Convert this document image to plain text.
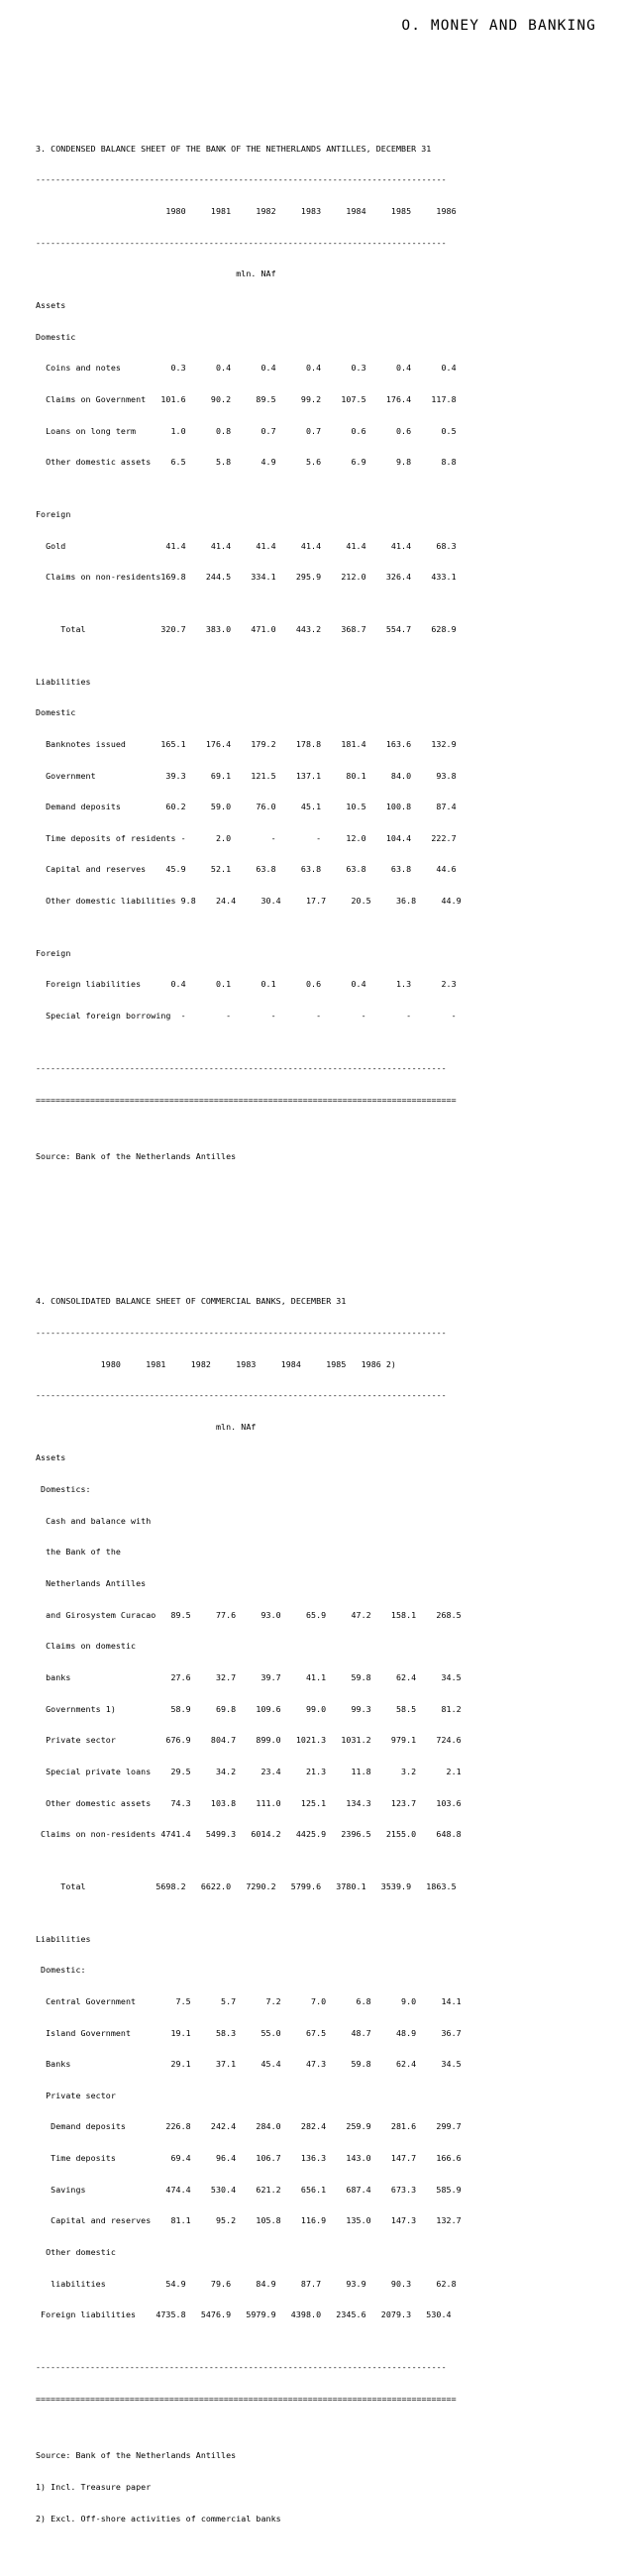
O. MONEY AND BANKING

3. CONDENSED BALANCE SHEET OF THE BANK OF THE NETHERLANDS ANTILLES, DECEMBER 31

-----------------------------------------------------------------------------------

1980     1981     1982     1983     1984     1985     1986

-----------------------------------------------------------------------------------

mln. NAf

Assets

Domestic

Coins and notes          0.3      0.4      0.4      0.4      0.3      0.4      0.4

Claims on Government   101.6     90.2     89.5     99.2    107.5    176.4    117.8

Loans on long term       1.0      0.8      0.7      0.7      0.6      0.6      0.5

Other domestic assets    6.5      5.8      4.9      5.6      6.9      9.8      8.8

Foreign

Gold                    41.4     41.4     41.4     41.4     41.4     41.4     68.3

Claims on non-residents169.8    244.5    334.1    295.9    212.0    326.4    433.1

Total               320.7    383.0    471.0    443.2    368.7    554.7    628.9

Liabilities

Domestic

Banknotes issued       165.1    176.4    179.2    178.8    181.4    163.6    132.9

Government              39.3     69.1    121.5    137.1     80.1     84.0     93.8

Demand deposits         60.2     59.0     76.0     45.1     10.5    100.8     87.4

Time deposits of residents -      2.0        -        -     12.0    104.4    222.7

Capital and reserves    45.9     52.1     63.8     63.8     63.8     63.8     44.6

Other domestic liabilities 9.8    24.4     30.4     17.7     20.5     36.8     44.9

Foreign

Foreign liabilities      0.4      0.1      0.1      0.6      0.4      1.3      2.3

Special foreign borrowing  -        -        -        -        -        -        -

-----------------------------------------------------------------------------------

=====================================================================================

Source: Bank of the Netherlands Antilles

4. CONSOLIDATED BALANCE SHEET OF COMMERCIAL BANKS, DECEMBER 31

-----------------------------------------------------------------------------------

1980     1981     1982     1983     1984     1985   1986 2)

-----------------------------------------------------------------------------------

mln. NAf

Assets

Domestics:

Cash and balance with

the Bank of the

Netherlands Antilles

and Girosystem Curacao   89.5     77.6     93.0     65.9     47.2    158.1    268.5

Claims on domestic

banks                    27.6     32.7     39.7     41.1     59.8     62.4     34.5

Governments 1)           58.9     69.8    109.6     99.0     99.3     58.5     81.2

Private sector          676.9    804.7    899.0   1021.3   1031.2    979.1    724.6

Special private loans    29.5     34.2     23.4     21.3     11.8      3.2      2.1

Other domestic assets    74.3    103.8    111.0    125.1    134.3    123.7    103.6

Claims on non-residents 4741.4   5499.3   6014.2   4425.9   2396.5   2155.0    648.8

Total              5698.2   6622.0   7290.2   5799.6   3780.1   3539.9   1863.5

Liabilities

Domestic:

Central Government        7.5      5.7      7.2      7.0      6.8      9.0     14.1

Island Government        19.1     58.3     55.0     67.5     48.7     48.9     36.7

Banks                    29.1     37.1     45.4     47.3     59.8     62.4     34.5

Private sector

Demand deposits        226.8    242.4    284.0    282.4    259.9    281.6    299.7

Time deposits           69.4     96.4    106.7    136.3    143.0    147.7    166.6

Savings                474.4    530.4    621.2    656.1    687.4    673.3    585.9

Capital and reserves    81.1     95.2    105.8    116.9    135.0    147.3    132.7

Other domestic

liabilities            54.9     79.6     84.9     87.7     93.9     90.3     62.8

Foreign liabilities    4735.8   5476.9   5979.9   4398.0   2345.6   2079.3   530.4

-----------------------------------------------------------------------------------

=====================================================================================

Source: Bank of the Netherlands Antilles

1) Incl. Treasure paper

2) Excl. Off-shore activities of commercial banks
